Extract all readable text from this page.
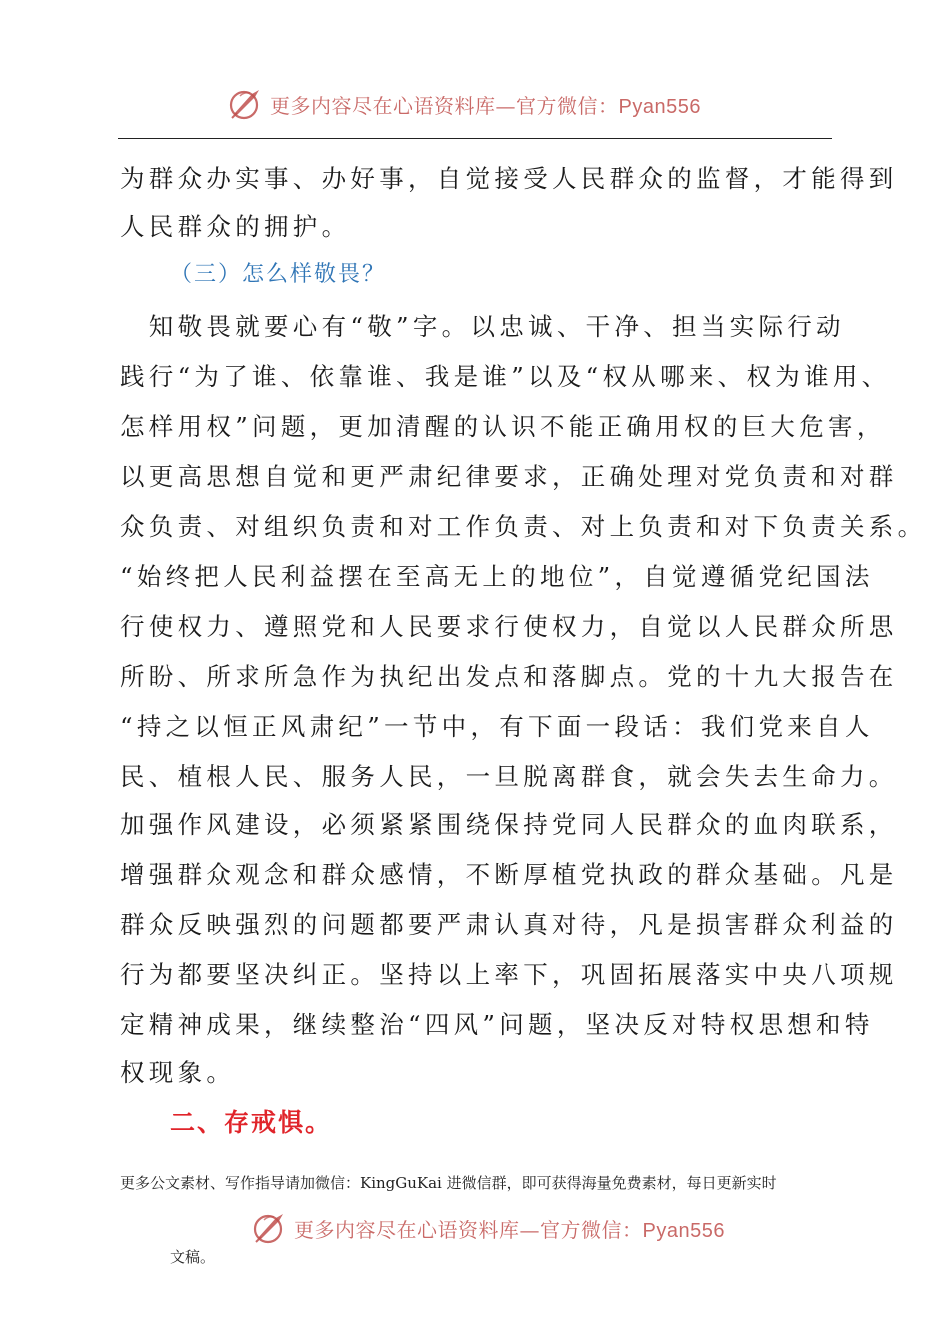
更多内容尽在心语资料库—官方微信：Pyan556
为群众办实事、办好事，自觉接受人民群众的监督，才能得到
人民群众的拥护。
（三）怎么样敬畏？
　知敬畏就要心有“敬”字。以忠诚、干净、担当实际行动
践行“为了谁、依靠谁、我是谁”以及“权从哪来、权为谁用、
怎样用权”问题，更加清醒的认识不能正确用权的巨大危害，
以更高思想自觉和更严肃纪律要求，正确处理对党负责和对群
众负责、对组织负责和对工作负责、对上负责和对下负责关系。
“始终把人民利益摆在至高无上的地位”，自觉遵循党纪国法
行使权力、遵照党和人民要求行使权力，自觉以人民群众所思
所盼、所求所急作为执纪出发点和落脚点。党的十九大报告在
“持之以恒正风肃纪”一节中，有下面一段话：我们党来自人
民、植根人民、服务人民，一旦脱离群食，就会失去生命力。
加强作风建设，必须紧紧围绕保持党同人民群众的血肉联系，
增强群众观念和群众感情，不断厚植党执政的群众基础。凡是
群众反映强烈的问题都要严肃认真对待，凡是损害群众利益的
行为都要坚决纠正。坚持以上率下，巩固拓展落实中央八项规
定精神成果，继续整治“四风”问题，坚决反对特权思想和特
权现象。
二、存戒惧。
更多公文素材、写作指导请加微信：KingGuKai 进微信群，即可获得海量免费素材，每日更新实时
更多内容尽在心语资料库—官方微信：Pyan556
文稿。
